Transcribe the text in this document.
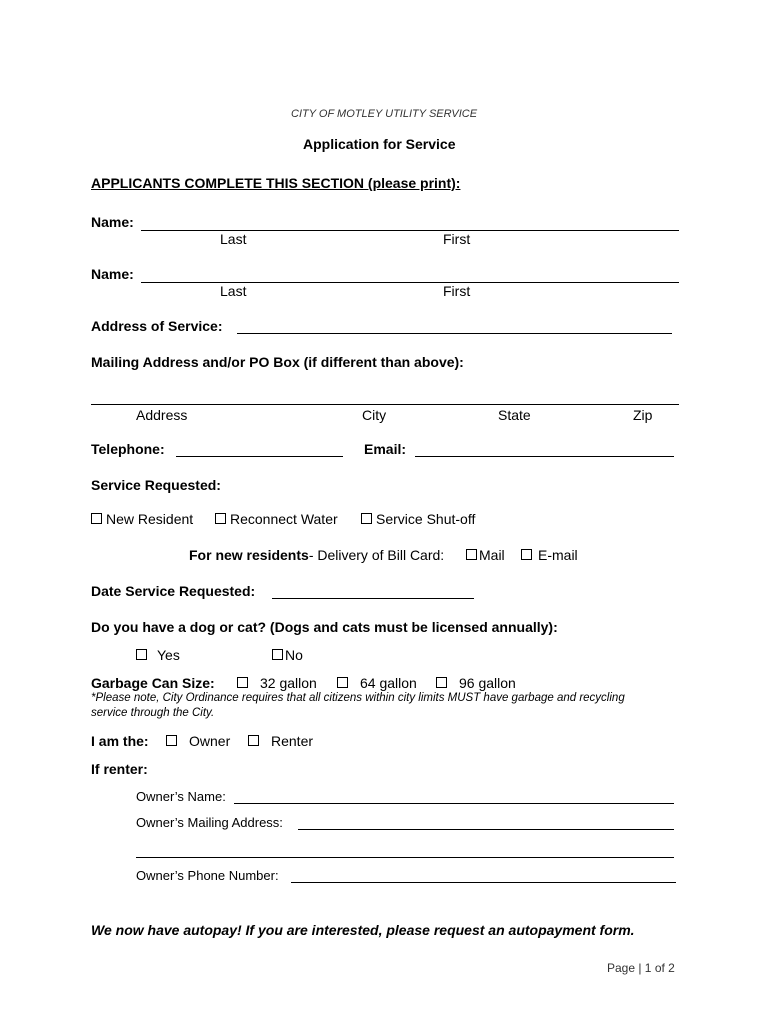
CITY OF MOTLEY UTILITY SERVICE
Application for Service
APPLICANTS COMPLETE THIS SECTION (please print):
Name:
Last	First
Name:
Last	First
Address of Service:
Mailing Address and/or PO Box (if different than above):
Address	City	State	Zip
Telephone:	Email:
Service Requested:
New Resident	Reconnect Water	Service Shut-off
For new residents- Delivery of Bill Card:	Mail	E-mail
Date Service Requested:
Do you have a dog or cat? (Dogs and cats must be licensed annually):
Yes	No
Garbage Can Size:	32 gallon	64 gallon	96 gallon
*Please note, City Ordinance requires that all citizens within city limits MUST have garbage and recycling
service through the City.
I am the:	Owner	Renter
If renter:
Owner’s Name:
Owner’s Mailing Address:
Owner’s Phone Number:
We now have autopay! If you are interested, please request an autopayment form.
Page | 1 of 2
